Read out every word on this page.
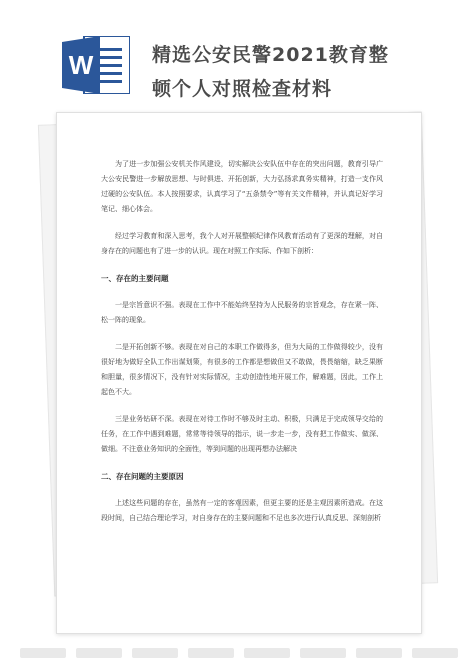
W	精选公安民警2021教育整
顿个人对照检查材料

为了进一步加强公安机关作风建设，切实解决公安队伍中存在的突出问题，教育引导广大公安民警进一步解放思想、与时俱进、开拓创新，大力弘扬求真务实精神，打造一支作风过硬的公安队伍。本人按照要求，认真学习了“五条禁令”等有关文件精神，并认真记好学习笔记、细心体会。

经过学习教育和深入思考，我个人对开展整顿纪律作风教育活动有了更深的理解，对自身存在的问题也有了进一步的认识。现在对照工作实际、作如下剖析：

一、存在的主要问题

一是宗旨意识不强。表现在工作中不能始终坚持为人民服务的宗旨观念，存在紧一阵、松一阵的现象。

二是开拓创新不够。表现在对自己的本职工作做得多，但为大局的工作做得较少，没有很好地为做好全队工作出谋划策，有很多的工作都是想做但又不敢做，畏畏缩缩，缺乏果断和胆量，很多情况下，没有针对实际情况，主动创造性地开展工作，解难题，因此，工作上起色不大。

三是业务钻研不深。表现在对待工作时不够及时主动、积极，只满足于完成领导交给的任务，在工作中遇到难题，常常等待领导的指示，说一步走一步，没有把工作做实、做深、做细。不注意业务知识的全面性，等到问题的出现再想办法解决

二、存在问题的主要原因

上述这些问题的存在，虽然有一定的客观因素，但更主要的还是主观因素所造成。在这段时间，自己结合理论学习，对自身存在的主要问题和不足也多次进行认真反思、深刻剖析

1
